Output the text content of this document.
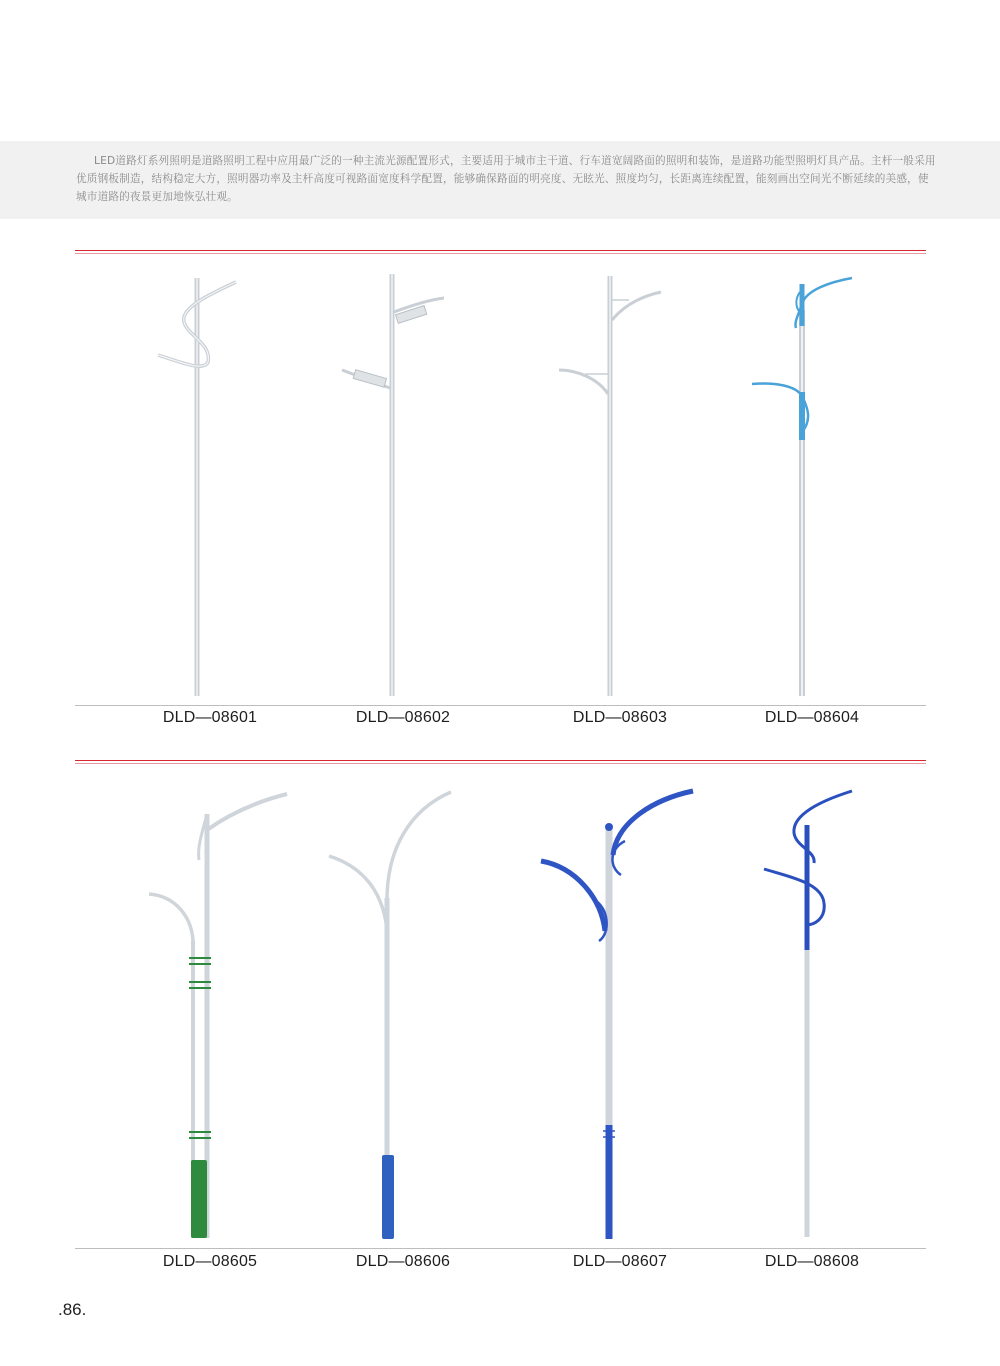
LED道路灯系列照明是道路照明工程中应用最广泛的一种主流光源配置形式，主要适用于城市主干道、行车道宽阔路面的照明和装饰，是道路功能型照明灯具产品。主杆一般采用优质钢板制造，结构稳定大方，照明器功率及主杆高度可视路面宽度科学配置，能够确保路面的明亮度、无眩光、照度均匀，长距离连续配置，能刻画出空间光不断延续的美感，使城市道路的夜景更加地恢弘壮观。

DLD—08601	DLD—08602	DLD—08603	DLD—08604
DLD—08605	DLD—08606	DLD—08607	DLD—08608
.86.
